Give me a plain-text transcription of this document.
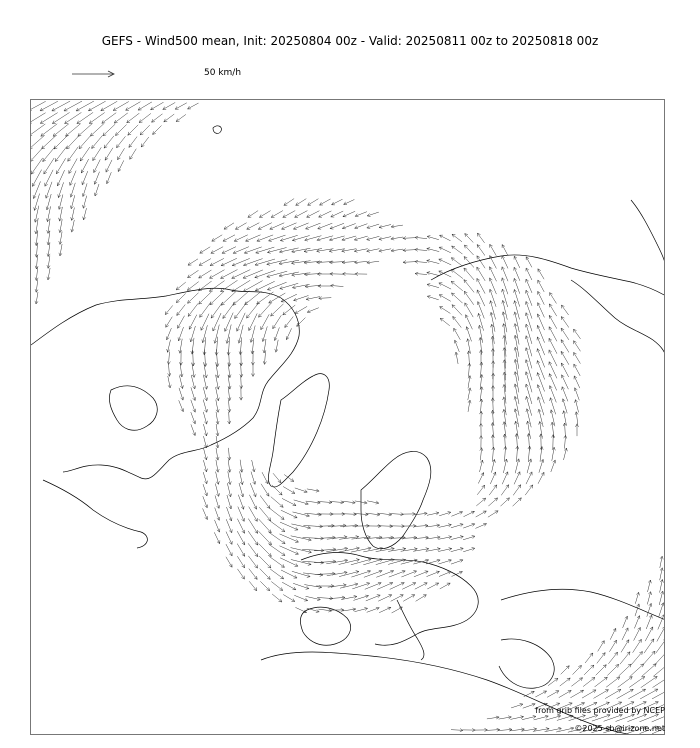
GEFS - Wind500 mean, Init: 20250804 00z - Valid: 20250811 00z to 20250818 00z
50 km/h
from grib files provided by NCEP
©2025 sb@irizone.net
